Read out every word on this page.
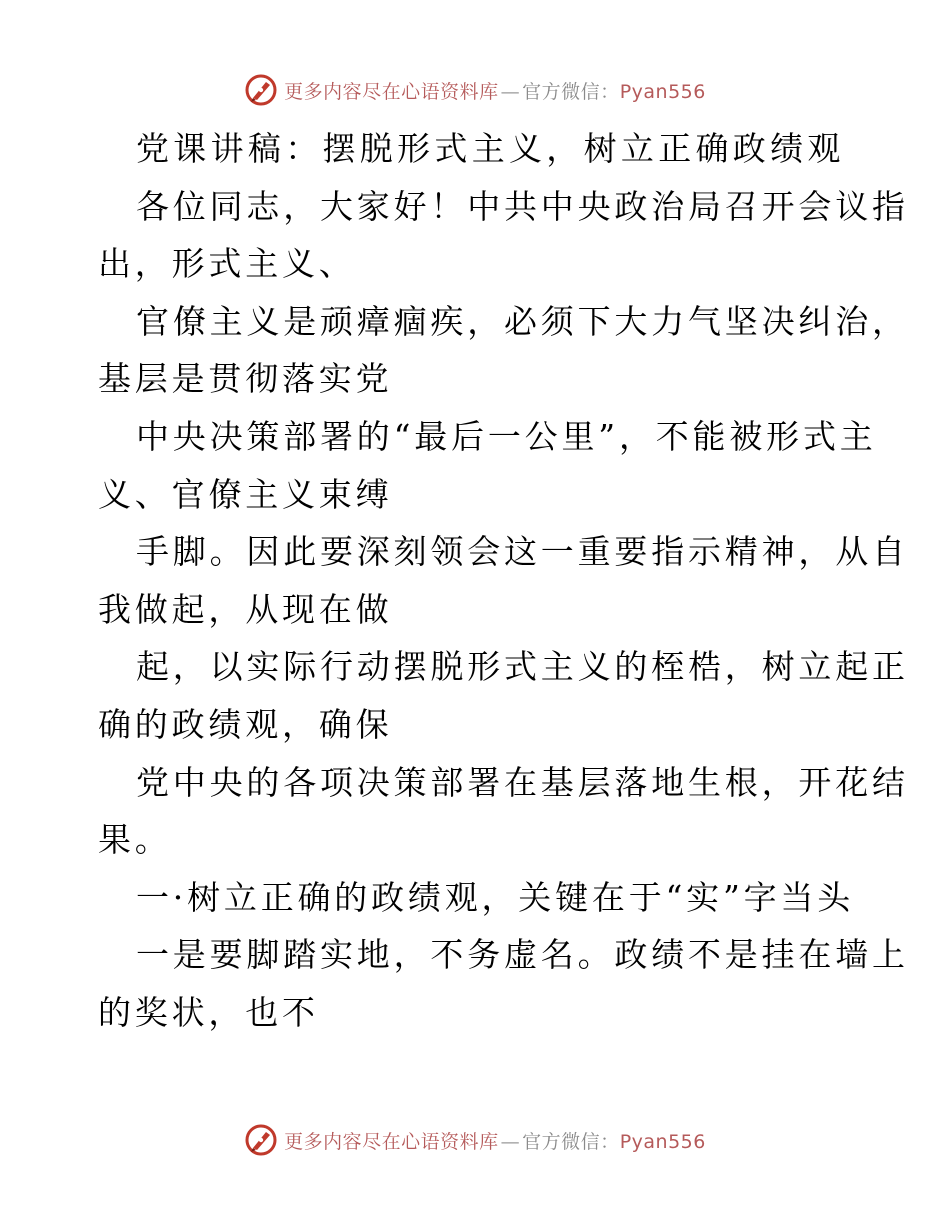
更多内容尽在心语资料库 — 官方微信：Pyan556
党课讲稿：摆脱形式主义，树立正确政绩观
各位同志，大家好！中共中央政治局召开会议指
出，形式主义、
官僚主义是顽瘴痼疾，必须下大力气坚决纠治，
基层是贯彻落实党
中央决策部署的“最后一公里”，不能被形式主
义、官僚主义束缚
手脚。因此要深刻领会这一重要指示精神，从自
我做起，从现在做
起，以实际行动摆脱形式主义的桎梏，树立起正
确的政绩观，确保
党中央的各项决策部署在基层落地生根，开花结
果。
一·树立正确的政绩观，关键在于“实”字当头
一是要脚踏实地，不务虚名。政绩不是挂在墙上
的奖状，也不
更多内容尽在心语资料库 — 官方微信：Pyan556
